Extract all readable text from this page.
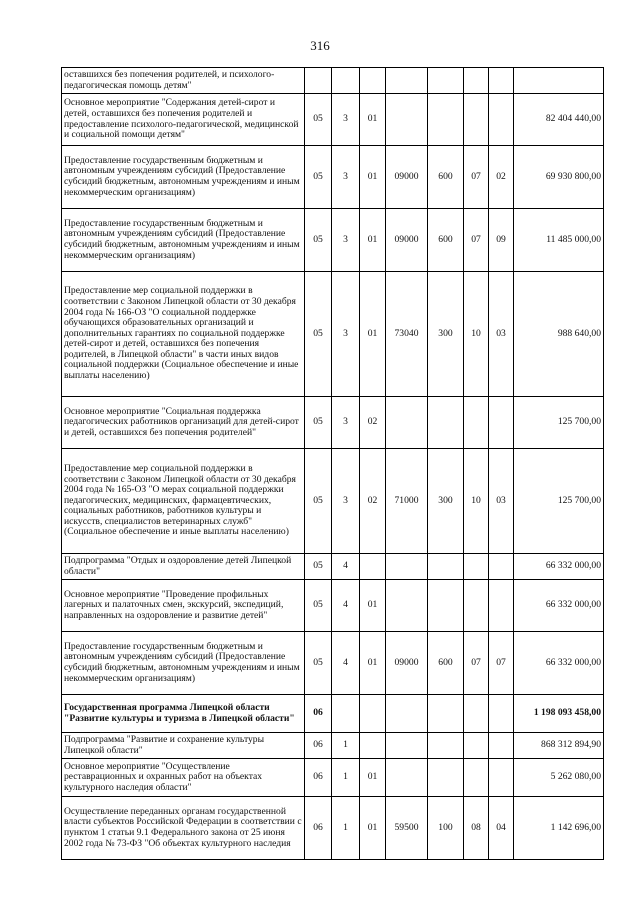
316
оставшихся без попечения родителей, и психолого-педагогическая помощь детям"								
Основное мероприятие "Содержания детей-сирот и детей, оставшихся без попечения родителей и предоставление психолого-педагогической, медицинской и социальной помощи детям"	05	3	01					82 404 440,00
Предоставление государственным бюджетным и автономным учреждениям субсидий (Предоставление субсидий бюджетным, автономным учреждениям и иным некоммерческим организациям)	05	3	01	09000	600	07	02	69 930 800,00
Предоставление государственным бюджетным и автономным учреждениям субсидий (Предоставление субсидий бюджетным, автономным учреждениям и иным некоммерческим организациям)	05	3	01	09000	600	07	09	11 485 000,00
Предоставление мер социальной поддержки в соответствии с Законом Липецкой области от 30 декабря 2004 года № 166-ОЗ "О социальной поддержке обучающихся образовательных организаций и дополнительных гарантиях по социальной поддержке детей-сирот и детей, оставшихся без попечения родителей, в Липецкой области" в части иных видов социальной поддержки (Социальное обеспечение и иные выплаты населению)	05	3	01	73040	300	10	03	988 640,00
Основное мероприятие "Социальная поддержка педагогических работников организаций для детей-сирот и детей, оставшихся без попечения родителей"	05	3	02					125 700,00
Предоставление мер социальной поддержки в соответствии с Законом Липецкой области от 30 декабря 2004 года № 165-ОЗ "О мерах социальной поддержки педагогических, медицинских, фармацевтических, социальных работников, работников культуры и искусств, специалистов ветеринарных служб" (Социальное обеспечение и иные выплаты населению)	05	3	02	71000	300	10	03	125 700,00
Подпрограмма "Отдых и оздоровление детей Липецкой области"	05	4						66 332 000,00
Основное мероприятие "Проведение профильных лагерных и палаточных смен, экскурсий, экспедиций, направленных на оздоровление и развитие детей"	05	4	01					66 332 000,00
Предоставление государственным бюджетным и автономным учреждениям субсидий (Предоставление субсидий бюджетным, автономным учреждениям и иным некоммерческим организациям)	05	4	01	09000	600	07	07	66 332 000,00
Государственная программа Липецкой области "Развитие культуры и туризма в Липецкой области"	06							1 198 093 458,00
Подпрограмма "Развитие и сохранение культуры Липецкой области"	06	1						868 312 894,90
Основное мероприятие "Осуществление реставрационных и охранных работ на объектах культурного наследия области"	06	1	01					5 262 080,00
Осуществление переданных органам государственной власти субъектов Российской Федерации в соответствии с пунктом 1 статьи 9.1 Федерального закона от 25 июня 2002 года № 73-ФЗ "Об объектах культурного наследия	06	1	01	59500	100	08	04	1 142 696,00
